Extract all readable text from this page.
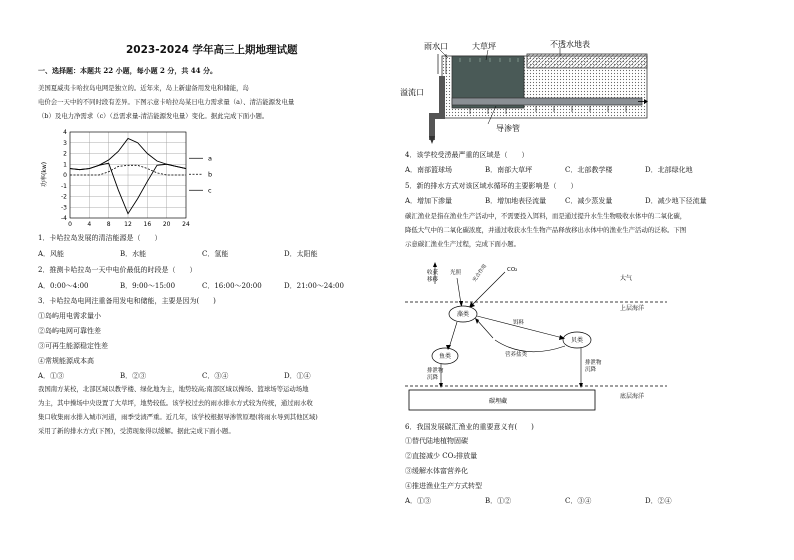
2023-2024 学年高三上期地理试题
一、选择题：本题共 22 小题，每小题 2 分，共 44 分。
美国夏威夷卡哈拉岛电网是独立的。近年来，岛上新建备用发电和储能，岛
电价会一天中的不同时段有差异。下图示意卡哈拉岛某日电力需求量（a）、清洁能源发电量
（b）及电力净需求（c）（总需求量-清洁能源发电量）变化。据此完成下面小题。
4
3
2
1
0
-1
-2
-3
-4
0	4	8 12 16 20 24
功率(kw)
a
b
c
1．卡哈拉岛发展的清洁能源是（　　）
A．风能	B．水能	C．氢能	D．太阳能
2．推测卡哈拉岛一天中电价最低的时段是（　　）
A．0:00～4:00	B．9:00～15:00	C．16:00～20:00	D．21:00～24:00
3．卡哈拉岛电网注重备用发电和储能，主要是因为(　　)
①岛屿用电需求量小
②岛屿电网可靠性差
③可再生能源稳定性差
④常规能源成本高
A．①③	B．②③	C．③④	D．①④
我国南方某校，北部区域以教学楼、绿化地为主，地势较高;南部区域以操场、篮球场等运动场地
为主，其中操场中央设置了大草坪，地势较低。该学校过去的雨水排水方式较为传统，通过雨水收
集口收集雨水排入城市河道，雨季受渍严重。近几年，该学校根据导渗管原理(将雨水导到其他区域)
采用了新的排水方式(下图)，受涝现象得以缓解。据此完成下面小题。
雨水口	大草坪	不透水地表
溢流口
导渗管
4．该学校受涝最严重的区域是（　　）
A．南部篮球场	B．南部大草坪	C．北部教学楼	D．北部绿化地
5．新的排水方式对该区域水循环的主要影响是（　　）
A．增加下渗量	B．增加地表径流量	C．减少蒸发量	D．减少地下径流量
碳汇渔业是指在渔业生产活动中，不需要投入饵料，而是通过提升水生生物吸收水体中的二氧化碳，
降低大气中的二氧化碳浓度，并通过收获水生生物产品释放移出水体中的渔业生产活动的泛称。下图
示意碳汇渔业生产过程，完成下面小题。
大气
上层海洋
底层海洋
收获
移移
光照	CO₂
光合作用
藻类
贝类
鱼类
饵料
营养盐类
排泄物
沉降
排泄物
沉降
碳埋藏
6．我国发展碳汇渔业的重要意义有(　　)
①替代陆地植物固碳
②直接减少 CO₂排放量
③缓解水体富营养化
④推进渔业生产方式转型
A．①③	B．①②	C．③④	D．②④
